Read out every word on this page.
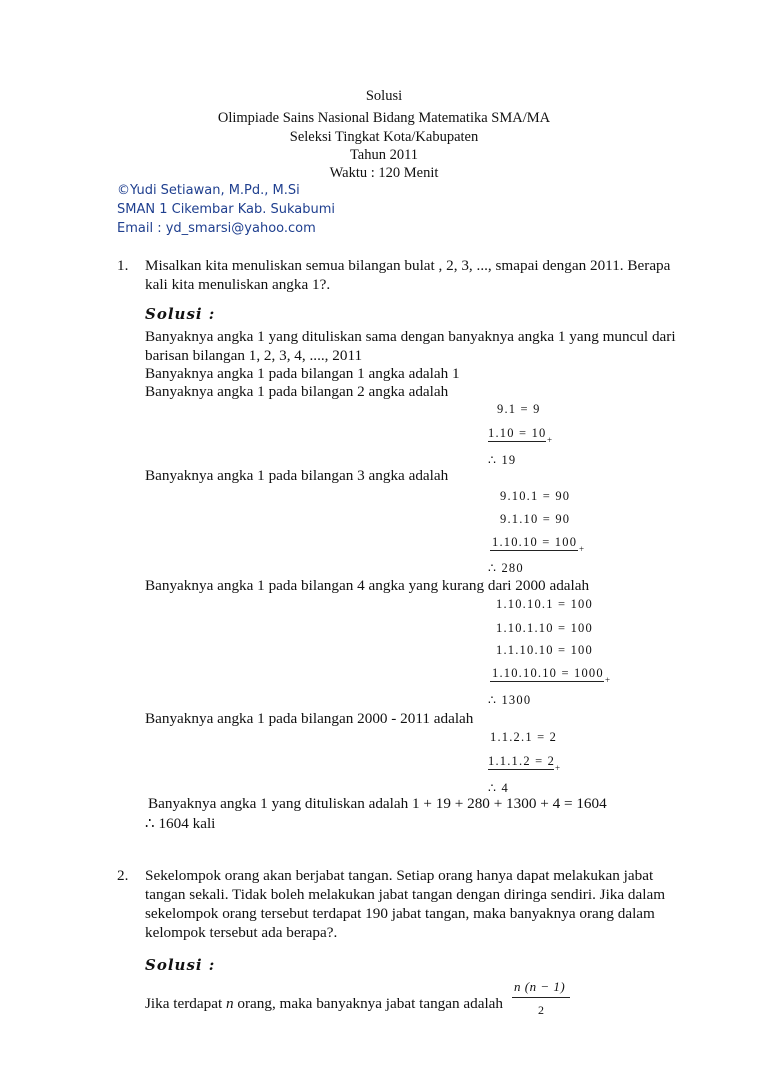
Solusi
Olimpiade Sains Nasional Bidang Matematika SMA/MA
Seleksi Tingkat Kota/Kabupaten
Tahun 2011
Waktu : 120 Menit
©Yudi Setiawan, M.Pd., M.Si
SMAN 1 Cikembar Kab. Sukabumi
Email : yd_smarsi@yahoo.com
1. Misalkan kita menuliskan semua bilangan bulat , 2, 3, ..., smapai dengan 2011. Berapa
kali kita menuliskan angka 1?.
Solusi :
Banyaknya angka 1 yang dituliskan sama dengan banyaknya angka 1 yang muncul dari
barisan bilangan 1, 2, 3, 4, ...., 2011
Banyaknya angka 1 pada bilangan 1 angka adalah 1
Banyaknya angka 1 pada bilangan 2 angka adalah
9.1 = 9
1.10 = 10 +
∴ 19
Banyaknya angka 1 pada bilangan 3 angka adalah
9.10.1 = 90
9.1.10 = 90
1.10.10 = 100 +
∴ 280
Banyaknya angka 1 pada bilangan 4 angka yang kurang dari 2000 adalah
1.10.10.1 = 100
1.10.1.10 = 100
1.1.10.10 = 100
1.10.10.10 = 1000 +
∴ 1300
Banyaknya angka 1 pada bilangan 2000 - 2011 adalah
1.1.2.1 = 2
1.1.1.2 = 2 +
∴ 4
Banyaknya angka 1 yang dituliskan adalah 1 + 19 + 280 + 1300 + 4 = 1604
∴ 1604 kali
2. Sekelompok orang akan berjabat tangan. Setiap orang hanya dapat melakukan jabat
tangan sekali. Tidak boleh melakukan jabat tangan dengan diringa sendiri. Jika dalam
sekelompok orang tersebut terdapat 190 jabat tangan, maka banyaknya orang dalam
kelompok tersebut ada berapa?.
Solusi :
Jika terdapat n orang, maka banyaknya jabat tangan adalah
n (n − 1)
2
